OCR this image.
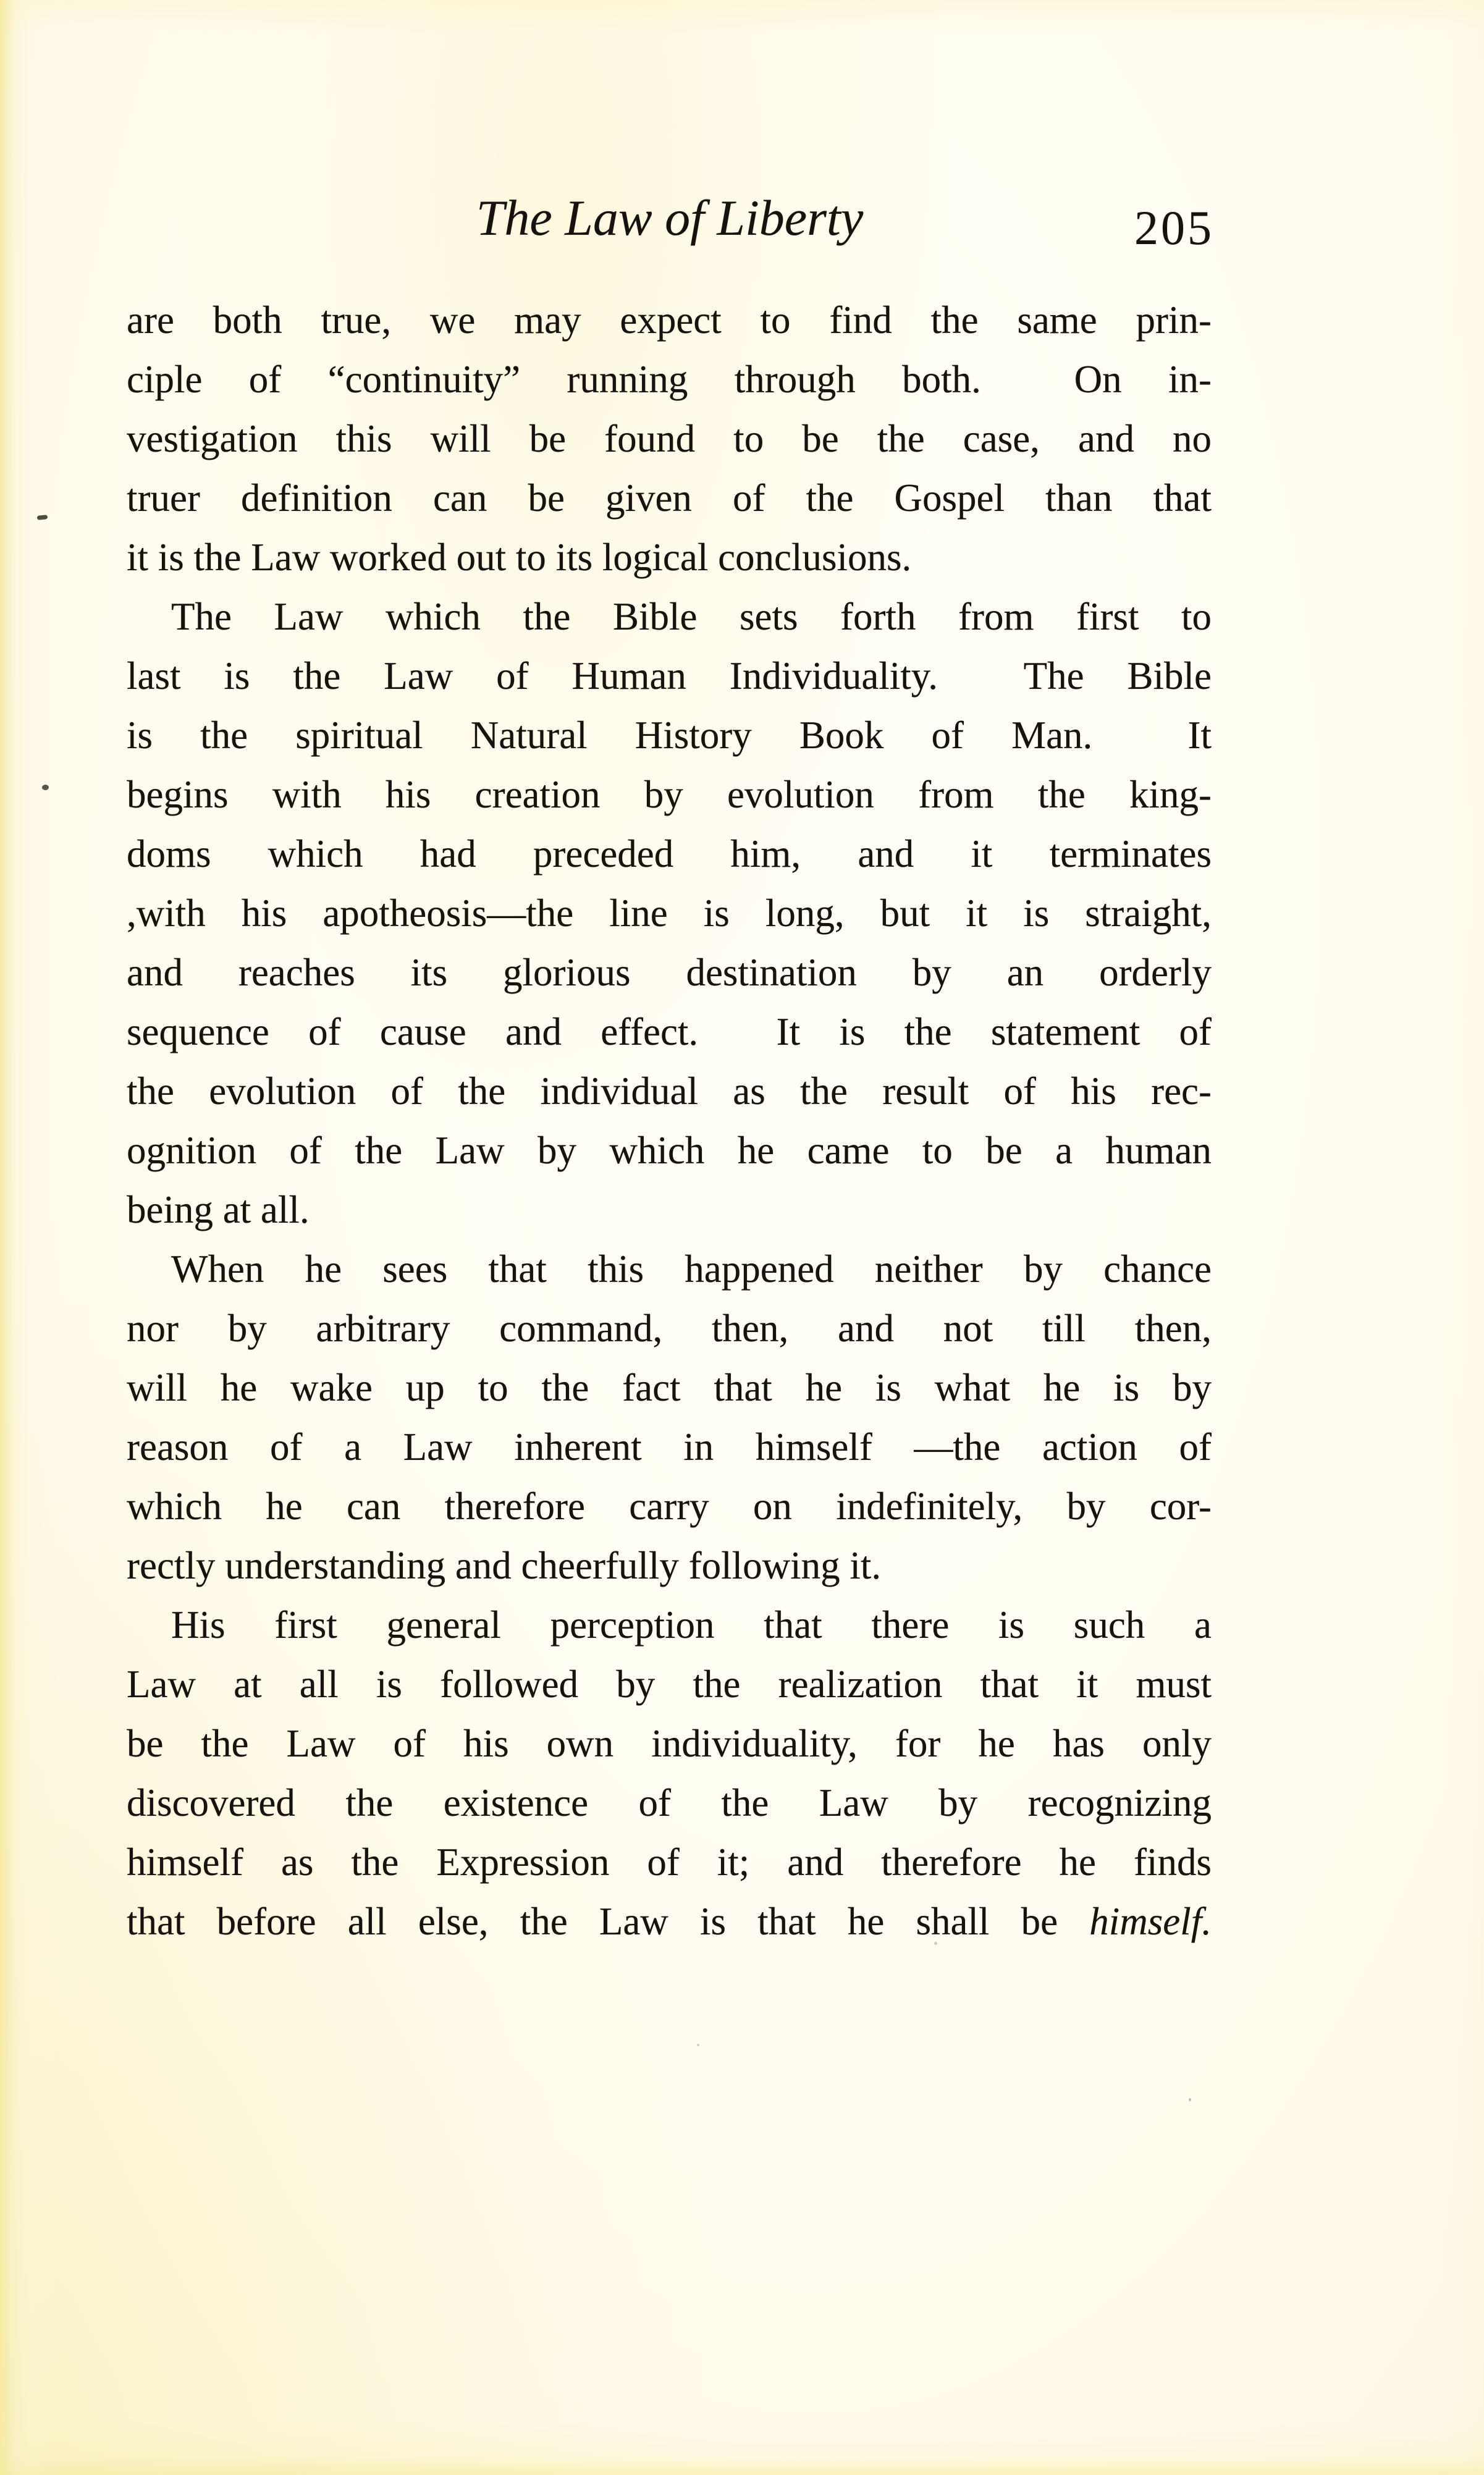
The Law of Liberty	205

are both true, we may expect to find the same prin-
ciple of “continuity” running through both.  On in-
vestigation this will be found to be the case, and no
truer definition can be given of the Gospel than that
it is the Law worked out to its logical conclusions.

The Law which the Bible sets forth from first to
last is the Law of Human Individuality.  The Bible
is the spiritual Natural History Book of Man.  It
begins with his creation by evolution from the king-
doms which had preceded him, and it terminates
,with his apotheosis—the line is long, but it is straight,
and reaches its glorious destination by an orderly
sequence of cause and effect.  It is the statement of
the evolution of the individual as the result of his rec-
ognition of the Law by which he came to be a human
being at all.

When he sees that this happened neither by chance
nor by arbitrary command, then, and not till then,
will he wake up to the fact that he is what he is by
reason of a Law inherent in himself —the action of
which he can therefore carry on indefinitely, by cor-
rectly understanding and cheerfully following it.

His first general perception that there is such a
Law at all is followed by the realization that it must
be the Law of his own individuality, for he has only
discovered the existence of the Law by recognizing
himself as the Expression of it; and therefore he finds
that before all else, the Law is that he shall be himself.
